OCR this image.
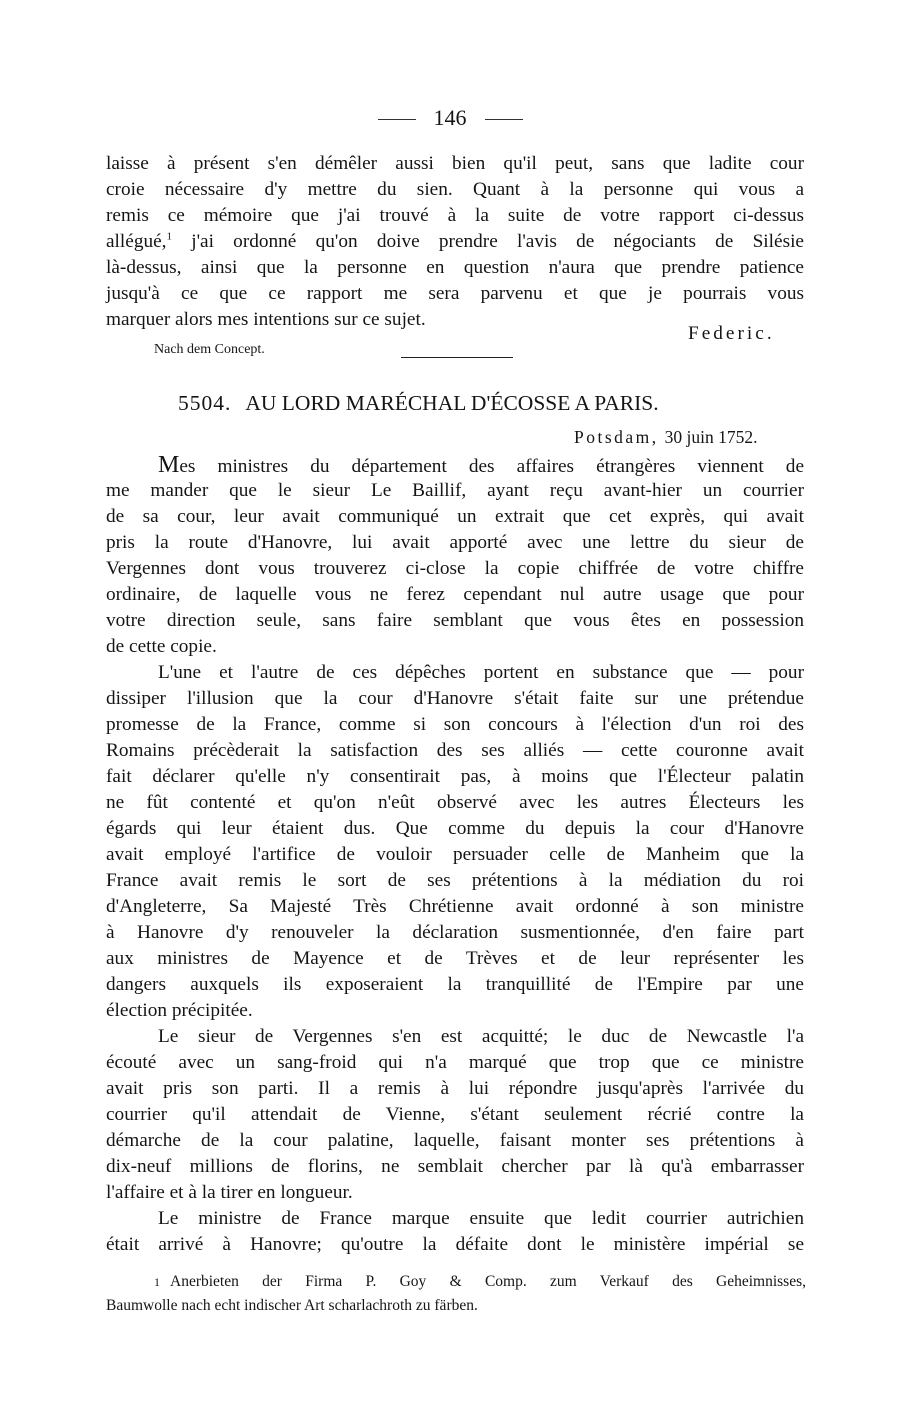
146
laisse à présent s'en démêler aussi bien qu'il peut, sans que ladite cour
croie nécessaire d'y mettre du sien. Quant à la personne qui vous a
remis ce mémoire que j'ai trouvé à la suite de votre rapport ci-dessus
allégué,$^1$ j'ai ordonné qu'on doive prendre l'avis de négociants de Silésie
là-dessus, ainsi que la personne en question n'aura que prendre patience
jusqu'à ce que ce rapport me sera parvenu et que je pourrais vous
marquer alors mes intentions sur ce sujet.
Federic.
Nach dem Concept.
5504. AU LORD MARÉCHAL D'ÉCOSSE A PARIS.
Potsdam, 30 juin 1752.
Mes ministres du département des affaires étrangères viennent de
me mander que le sieur Le Baillif, ayant reçu avant-hier un courrier
de sa cour, leur avait communiqué un extrait que cet exprès, qui avait
pris la route d'Hanovre, lui avait apporté avec une lettre du sieur de
Vergennes dont vous trouverez ci-close la copie chiffrée de votre chiffre
ordinaire, de laquelle vous ne ferez cependant nul autre usage que pour
votre direction seule, sans faire semblant que vous êtes en possession
de cette copie.
L'une et l'autre de ces dépêches portent en substance que — pour
dissiper l'illusion que la cour d'Hanovre s'était faite sur une prétendue
promesse de la France, comme si son concours à l'élection d'un roi des
Romains précèderait la satisfaction des ses alliés — cette couronne avait
fait déclarer qu'elle n'y consentirait pas, à moins que l'Électeur palatin
ne fût contenté et qu'on n'eût observé avec les autres Électeurs les
égards qui leur étaient dus. Que comme du depuis la cour d'Hanovre
avait employé l'artifice de vouloir persuader celle de Manheim que la
France avait remis le sort de ses prétentions à la médiation du roi
d'Angleterre, Sa Majesté Très Chrétienne avait ordonné à son ministre
à Hanovre d'y renouveler la déclaration susmentionnée, d'en faire part
aux ministres de Mayence et de Trèves et de leur représenter les
dangers auxquels ils exposeraient la tranquillité de l'Empire par une
élection précipitée.
Le sieur de Vergennes s'en est acquitté; le duc de Newcastle l'a
écouté avec un sang-froid qui n'a marqué que trop que ce ministre
avait pris son parti. Il a remis à lui répondre jusqu'après l'arrivée du
courrier qu'il attendait de Vienne, s'étant seulement récrié contre la
démarche de la cour palatine, laquelle, faisant monter ses prétentions à
dix-neuf millions de florins, ne semblait chercher par là qu'à embarrasser
l'affaire et à la tirer en longueur.
Le ministre de France marque ensuite que ledit courrier autrichien
était arrivé à Hanovre; qu'outre la défaite dont le ministère impérial se
1 Anerbieten der Firma P. Goy & Comp. zum Verkauf des Geheimnisses,
Baumwolle nach echt indischer Art scharlachroth zu färben.
